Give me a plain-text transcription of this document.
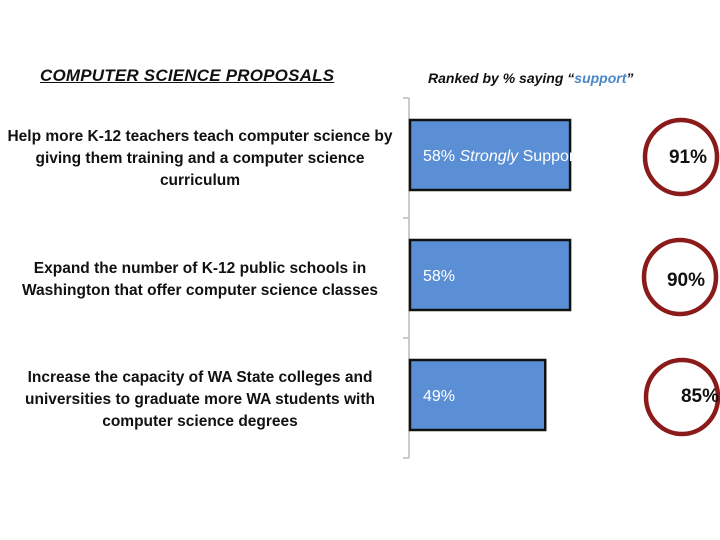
COMPUTER SCIENCE PROPOSALS	Ranked by % saying “support”
Help more K-12 teachers teach computer science by giving them training and a computer science curriculum
Expand the number of K-12 public schools in Washington that offer computer science classes
Increase the capacity of WA State colleges and universities to graduate more WA students with computer science degrees
58% Strongly Support
58%
49%
91%
90%
85%
